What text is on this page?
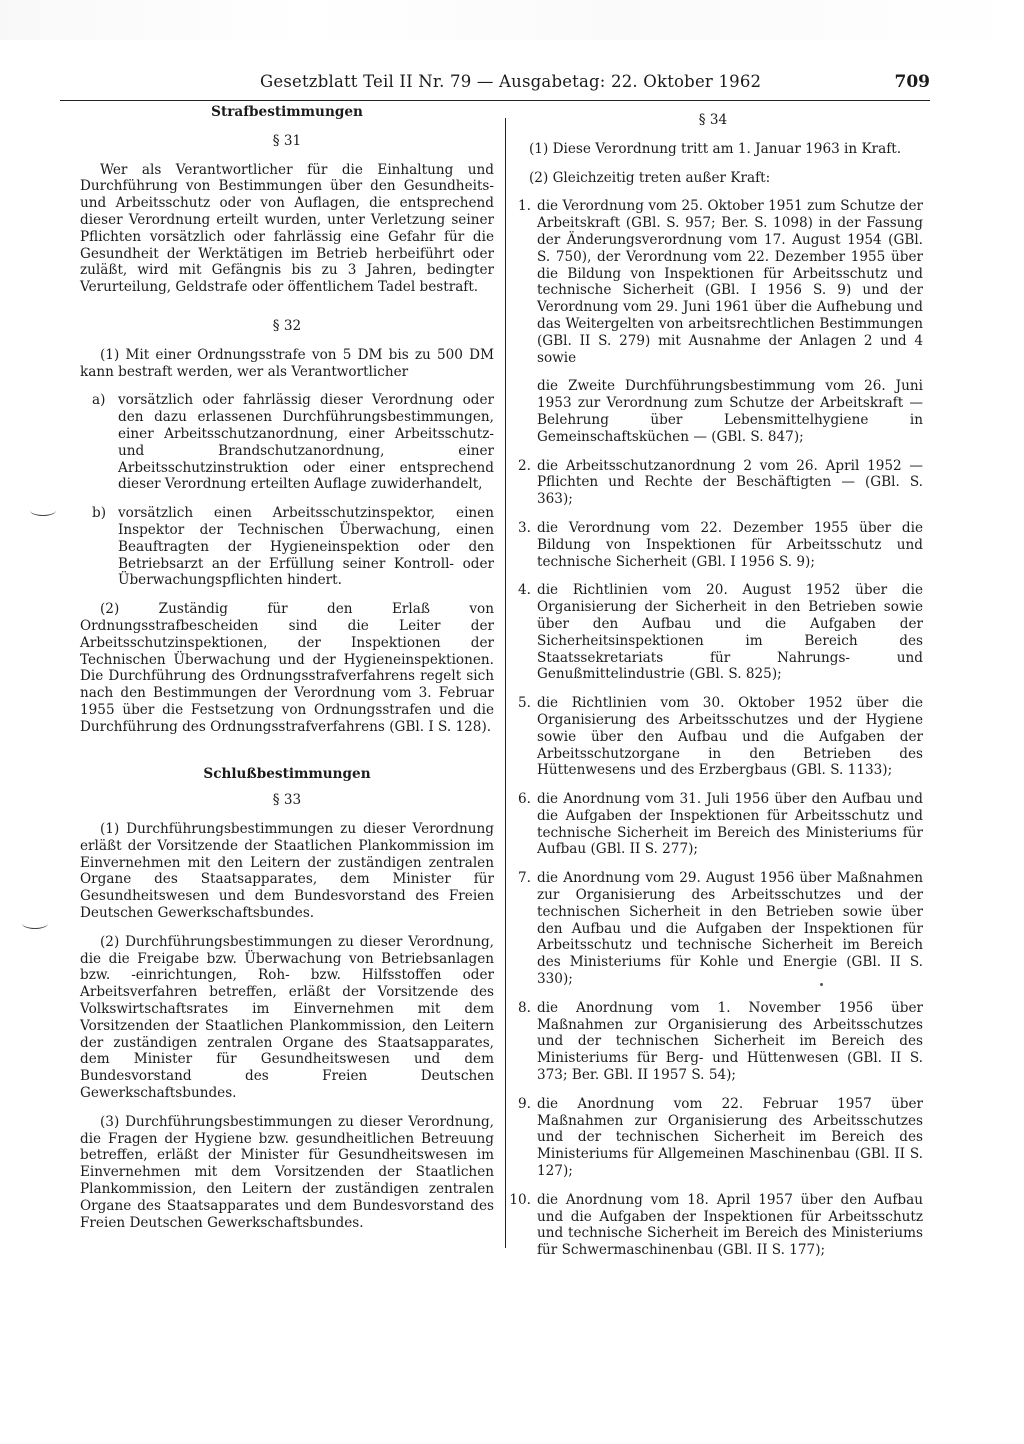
Gesetzblatt Teil II Nr. 79 — Ausgabetag: 22. Oktober 1962	709
Strafbestimmungen
§ 31

Wer als Verantwortlicher für die Einhaltung und Durchführung von Bestimmungen über den Gesundheits- und Arbeitsschutz oder von Auflagen, die entsprechend dieser Verordnung erteilt wurden, unter Verletzung seiner Pflichten vorsätzlich oder fahrlässig eine Gefahr für die Gesundheit der Werktätigen im Betrieb herbeiführt oder zuläßt, wird mit Gefängnis bis zu 3 Jahren, bedingter Verurteilung, Geldstrafe oder öffentlichem Tadel bestraft.

§ 32

(1) Mit einer Ordnungsstrafe von 5 DM bis zu 500 DM kann bestraft werden, wer als Verantwortlicher

a) vorsätzlich oder fahrlässig dieser Verordnung oder den dazu erlassenen Durchführungsbestimmungen, einer Arbeitsschutzanordnung, einer Arbeitsschutz- und Brandschutzanordnung, einer Arbeitsschutzinstruktion oder einer entsprechend dieser Verordnung erteilten Auflage zuwiderhandelt,
b) vorsätzlich einen Arbeitsschutzinspektor, einen Inspektor der Technischen Überwachung, einen Beauftragten der Hygieneinspektion oder den Betriebsarzt an der Erfüllung seiner Kontroll- oder Überwachungspflichten hindert.

(2) Zuständig für den Erlaß von Ordnungsstrafbescheiden sind die Leiter der Arbeitsschutzinspektionen, der Inspektionen der Technischen Überwachung und der Hygieneinspektionen. Die Durchführung des Ordnungsstrafverfahrens regelt sich nach den Bestimmungen der Verordnung vom 3. Februar 1955 über die Festsetzung von Ordnungsstrafen und die Durchführung des Ordnungsstrafverfahrens (GBl. I S. 128).

Schlußbestimmungen
§ 33

(1) Durchführungsbestimmungen zu dieser Verordnung erläßt der Vorsitzende der Staatlichen Plankommission im Einvernehmen mit den Leitern der zuständigen zentralen Organe des Staatsapparates, dem Minister für Gesundheitswesen und dem Bundesvorstand des Freien Deutschen Gewerkschaftsbundes.

(2) Durchführungsbestimmungen zu dieser Verordnung, die die Freigabe bzw. Überwachung von Betriebsanlagen bzw. -einrichtungen, Roh- bzw. Hilfsstoffen oder Arbeitsverfahren betreffen, erläßt der Vorsitzende des Volkswirtschaftsrates im Einvernehmen mit dem Vorsitzenden der Staatlichen Plankommission, den Leitern der zuständigen zentralen Organe des Staatsapparates, dem Minister für Gesundheitswesen und dem Bundesvorstand des Freien Deutschen Gewerkschaftsbundes.

(3) Durchführungsbestimmungen zu dieser Verordnung, die Fragen der Hygiene bzw. gesundheitlichen Betreuung betreffen, erläßt der Minister für Gesundheitswesen im Einvernehmen mit dem Vorsitzenden der Staatlichen Plankommission, den Leitern der zuständigen zentralen Organe des Staatsapparates und dem Bundesvorstand des Freien Deutschen Gewerkschaftsbundes.

§ 34

(1) Diese Verordnung tritt am 1. Januar 1963 in Kraft.

(2) Gleichzeitig treten außer Kraft:

1. die Verordnung vom 25. Oktober 1951 zum Schutze der Arbeitskraft (GBl. S. 957; Ber. S. 1098) in der Fassung der Änderungsverordnung vom 17. August 1954 (GBl. S. 750), der Verordnung vom 22. Dezember 1955 über die Bildung von Inspektionen für Arbeitsschutz und technische Sicherheit (GBl. I 1956 S. 9) und der Verordnung vom 29. Juni 1961 über die Aufhebung und das Weitergelten von arbeitsrechtlichen Bestimmungen (GBl. II S. 279) mit Ausnahme der Anlagen 2 und 4 sowie

die Zweite Durchführungsbestimmung vom 26. Juni 1953 zur Verordnung zum Schutze der Arbeitskraft — Belehrung über Lebensmittelhygiene in Gemeinschaftsküchen — (GBl. S. 847);

2. die Arbeitsschutzanordnung 2 vom 26. April 1952 — Pflichten und Rechte der Beschäftigten — (GBl. S. 363);
3. die Verordnung vom 22. Dezember 1955 über die Bildung von Inspektionen für Arbeitsschutz und technische Sicherheit (GBl. I 1956 S. 9);
4. die Richtlinien vom 20. August 1952 über die Organisierung der Sicherheit in den Betrieben sowie über den Aufbau und die Aufgaben der Sicherheitsinspektionen im Bereich des Staatssekretariats für Nahrungs- und Genußmittelindustrie (GBl. S. 825);
5. die Richtlinien vom 30. Oktober 1952 über die Organisierung des Arbeitsschutzes und der Hygiene sowie über den Aufbau und die Aufgaben der Arbeitsschutzorgane in den Betrieben des Hüttenwesens und des Erzbergbaus (GBl. S. 1133);
6. die Anordnung vom 31. Juli 1956 über den Aufbau und die Aufgaben der Inspektionen für Arbeitsschutz und technische Sicherheit im Bereich des Ministeriums für Aufbau (GBl. II S. 277);
7. die Anordnung vom 29. August 1956 über Maßnahmen zur Organisierung des Arbeitsschutzes und der technischen Sicherheit in den Betrieben sowie über den Aufbau und die Aufgaben der Inspektionen für Arbeitsschutz und technische Sicherheit im Bereich des Ministeriums für Kohle und Energie (GBl. II S. 330);
8. die Anordnung vom 1. November 1956 über Maßnahmen zur Organisierung des Arbeitsschutzes und der technischen Sicherheit im Bereich des Ministeriums für Berg- und Hüttenwesen (GBl. II S. 373; Ber. GBl. II 1957 S. 54);
9. die Anordnung vom 22. Februar 1957 über Maßnahmen zur Organisierung des Arbeitsschutzes und der technischen Sicherheit im Bereich des Ministeriums für Allgemeinen Maschinenbau (GBl. II S. 127);
10. die Anordnung vom 18. April 1957 über den Aufbau und die Aufgaben der Inspektionen für Arbeitsschutz und technische Sicherheit im Bereich des Ministeriums für Schwermaschinenbau (GBl. II S. 177);
